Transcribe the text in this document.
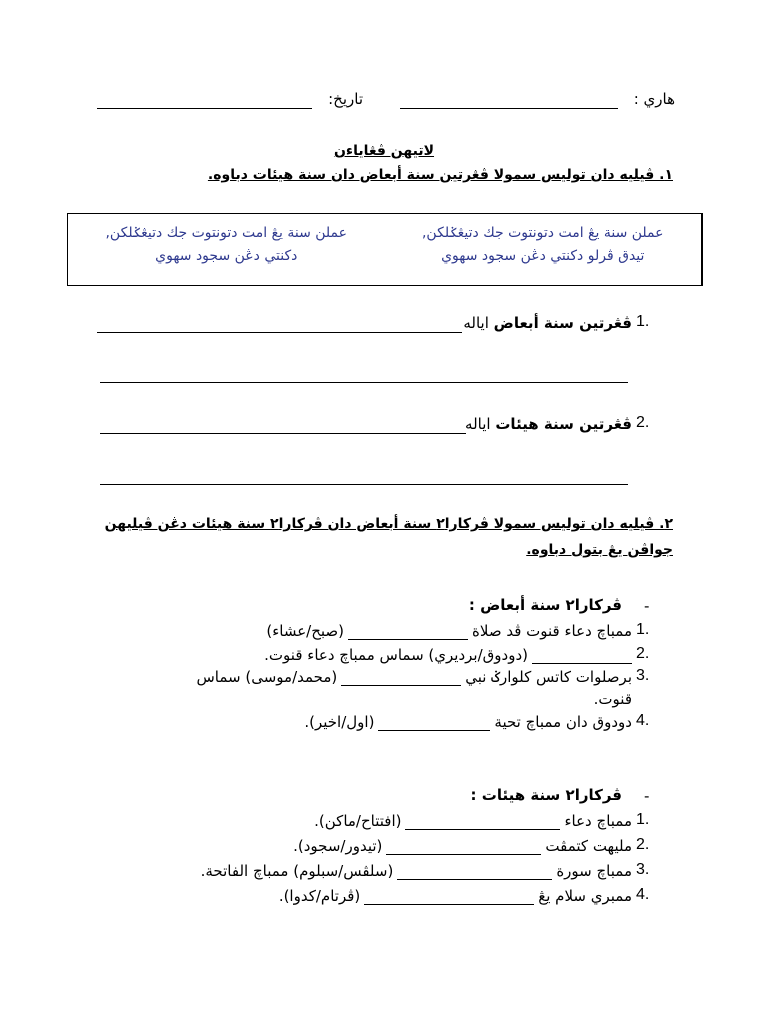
هاري :
تاريخ:
لاتيهن ڤڠاياءن
١. ڤيليه دان توليس سمولا ڤڠرتين سنة أبعاض دان سنة هيئات دباوه.
عملن سنة يڠ امت دتونتوت جك دتيڠݢلكن,
دکنتي دڠن سجود سهوي
عملن سنة يڠ امت دتونتوت جك دتيڠݢلكن,
تيدق ڤرلو دکنتي دڠن سجود سهوي
1.
ڤڠرتين سنة أبعاض اياله
2.
ڤڠرتين سنة هيئات اياله
٢. ڤيليه دان توليس سمولا ڤركارا٢ سنة أبعاض دان ڤركارا٢ سنة هيئات دڠن ڤيليهن
جواڤن يڠ بتول دباوه.
-
ڤركارا٢ سنة أبعاض :
1.
ممباچ دعاء قنوت ڤد صلاة
(صبح/عشاء)
2.
(دودوق/برديري) سماس ممباچ دعاء قنوت.
3.
برصلوات كاتس كلوارݢ نبي
(محمد/موسى) سماس
قنوت.
4.
دودوق دان ممباچ تحية
(اول/اخير).
-
ڤركارا٢ سنة هيئات :
1.
ممباچ دعاء
(افتتاح/ماكن).
2.
مليهت كتمڤت
(تيدور/سجود).
3.
ممباچ سورة
(سلڤس/سبلوم) ممباچ الفاتحة.
4.
ممبري سلام يڠ
(ڤرتام/كدوا).
